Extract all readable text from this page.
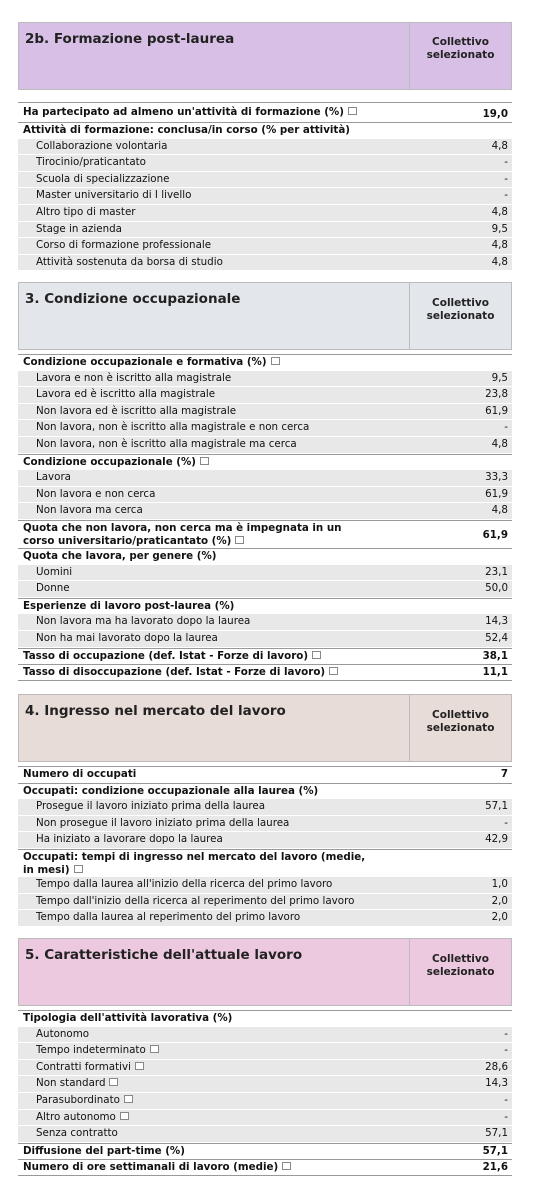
2b. Formazione post-laurea	Collettivo
selezionato
Ha partecipato ad almeno un'attività di formazione (%)	19,0
Attività di formazione: conclusa/in corso (% per attività)
Collaborazione volontaria	4,8
Tirocinio/praticantato	-
Scuola di specializzazione	-
Master universitario di I livello	-
Altro tipo di master	4,8
Stage in azienda	9,5
Corso di formazione professionale	4,8
Attività sostenuta da borsa di studio	4,8
3. Condizione occupazionale	Collettivo
selezionato
Condizione occupazionale e formativa (%)
Lavora e non è iscritto alla magistrale	9,5
Lavora ed è iscritto alla magistrale	23,8
Non lavora ed è iscritto alla magistrale	61,9
Non lavora, non è iscritto alla magistrale e non cerca	-
Non lavora, non è iscritto alla magistrale ma cerca	4,8
Condizione occupazionale (%)
Lavora	33,3
Non lavora e non cerca	61,9
Non lavora ma cerca	4,8
Quota che non lavora, non cerca ma è impegnata in un
corso universitario/praticantato (%)	61,9
Quota che lavora, per genere (%)
Uomini	23,1
Donne	50,0
Esperienze di lavoro post-laurea (%)
Non lavora ma ha lavorato dopo la laurea	14,3
Non ha mai lavorato dopo la laurea	52,4
Tasso di occupazione (def. Istat - Forze di lavoro)	38,1
Tasso di disoccupazione (def. Istat - Forze di lavoro)	11,1
4. Ingresso nel mercato del lavoro	Collettivo
selezionato
Numero di occupati	7
Occupati: condizione occupazionale alla laurea (%)
Prosegue il lavoro iniziato prima della laurea	57,1
Non prosegue il lavoro iniziato prima della laurea	-
Ha iniziato a lavorare dopo la laurea	42,9
Occupati: tempi di ingresso nel mercato del lavoro (medie,
in mesi)
Tempo dalla laurea all'inizio della ricerca del primo lavoro	1,0
Tempo dall'inizio della ricerca al reperimento del primo lavoro	2,0
Tempo dalla laurea al reperimento del primo lavoro	2,0
5. Caratteristiche dell'attuale lavoro	Collettivo
selezionato
Tipologia dell'attività lavorativa (%)
Autonomo	-
Tempo indeterminato	-
Contratti formativi	28,6
Non standard	14,3
Parasubordinato	-
Altro autonomo	-
Senza contratto	57,1
Diffusione del part-time (%)	57,1
Numero di ore settimanali di lavoro (medie)	21,6
